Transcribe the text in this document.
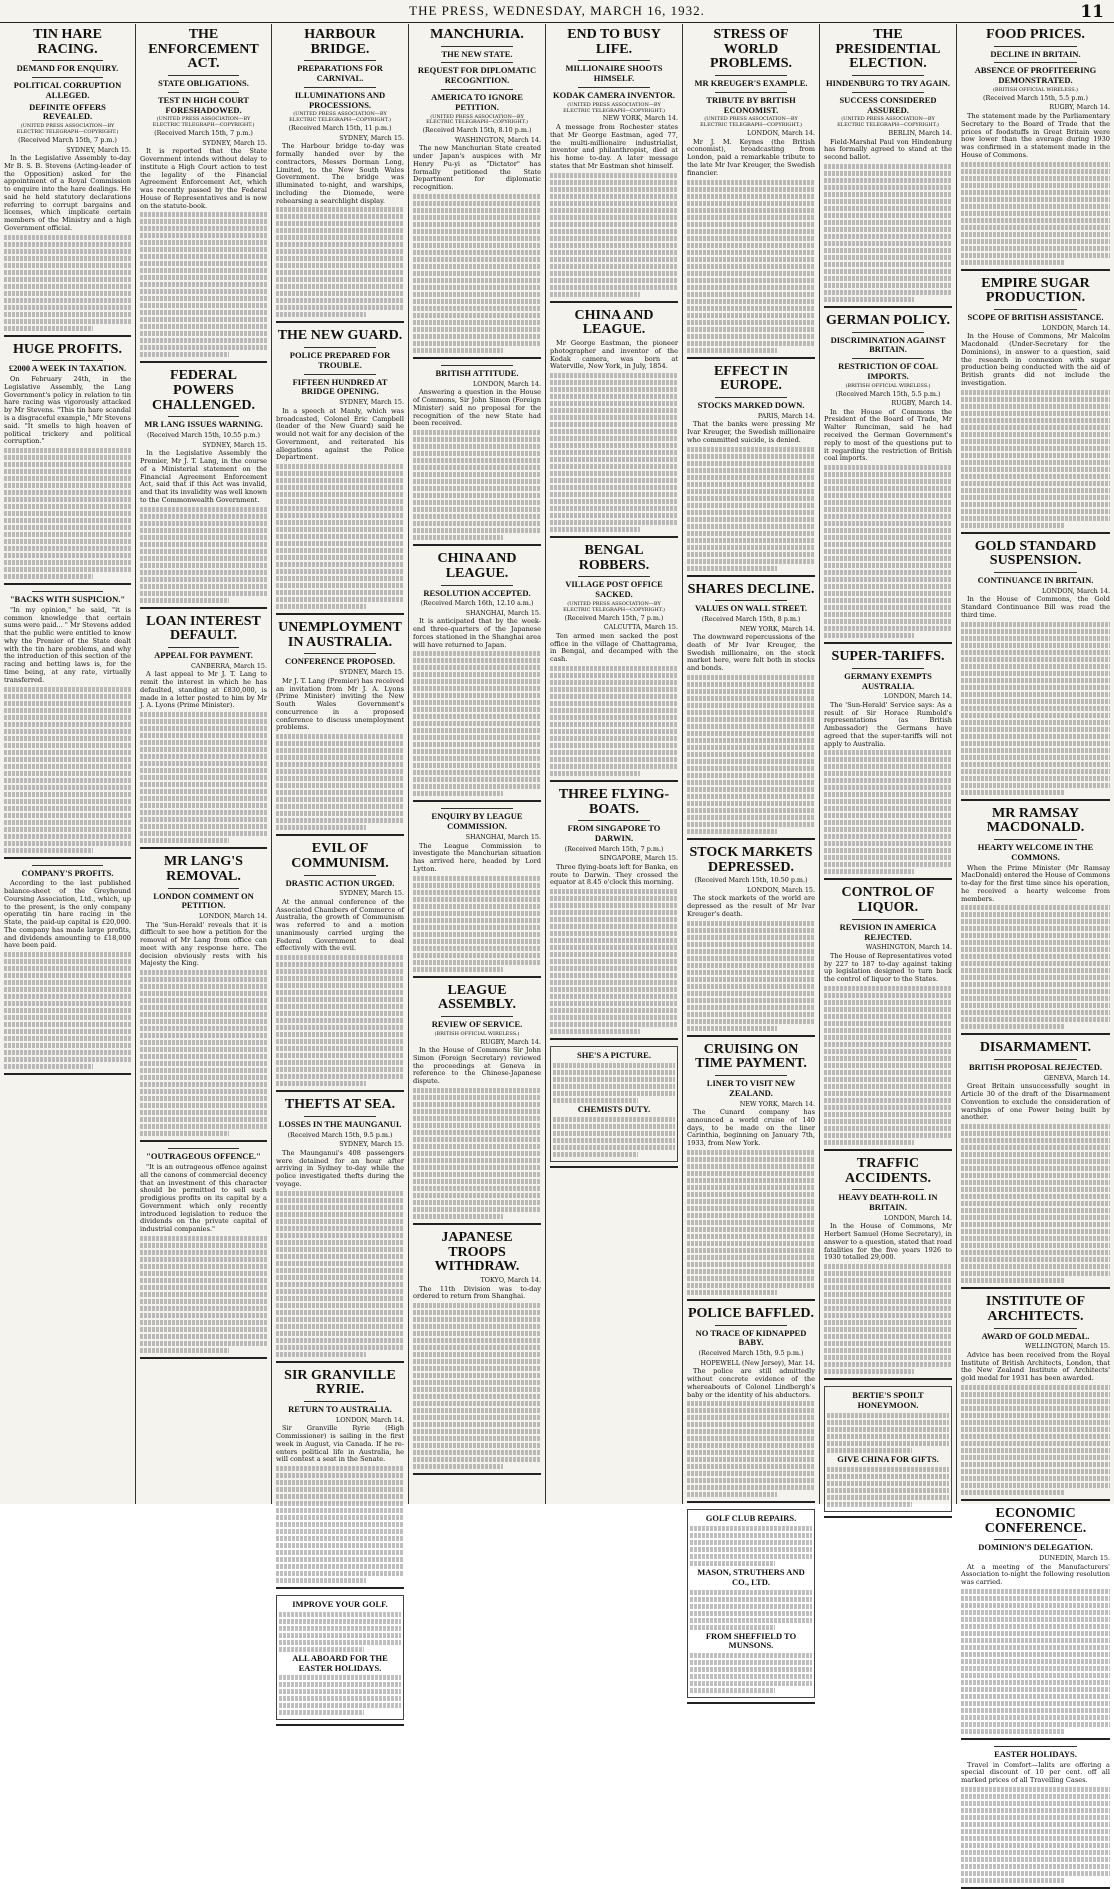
THE PRESS, WEDNESDAY, MARCH 16, 1932.	11
TIN HARE RACING.
DEMAND FOR ENQUIRY.
POLITICAL CORRUPTION ALLEGED.
DEFINITE OFFERS REVEALED.
(UNITED PRESS ASSOCIATION—BY ELECTRIC TELEGRAPH—COPYRIGHT.)
(Received March 15th, 7 p.m.)
SYDNEY, March 15.

In the Legislative Assembly to-day Mr B. S. B. Stevens (Acting-leader of the Opposition) asked for the appointment of a Royal Commission to enquire into the hare dealings. He said he held statutory declarations referring to corrupt bargains and licenses, which implicate certain members of the Ministry and a high Government official.

HUGE PROFITS.
£2000 A WEEK IN TAXATION.

On February 24th, in the Legislative Assembly, the Lang Government's policy in relation to tin hare racing was vigorously attacked by Mr Stevens. "This tin hare scandal is a disgraceful example," Mr Stevens said. "It smells to high heaven of political trickery and political corruption."

"BACKS WITH SUSPICION."

"In my opinion," he said, "it is common knowledge that certain sums were paid... " Mr Stevens added that the public were entitled to know why the Premier of the State dealt with the tin hare problems, and why the introduction of this section of the racing and betting laws is, for the time being, at any rate, virtually transferred.

COMPANY'S PROFITS.

According to the last published balance-sheet of the Greyhound Coursing Association, Ltd., which, up to the present, is the only company operating tin hare racing in the State, the paid-up capital is £20,000. The company has made large profits, and dividends amounting to £18,000 have been paid.

THE ENFORCEMENT ACT.
STATE OBLIGATIONS.
TEST IN HIGH COURT FORESHADOWED.
(UNITED PRESS ASSOCIATION—BY ELECTRIC TELEGRAPH—COPYRIGHT.)
(Received March 15th, 7 p.m.)
SYDNEY, March 15.

It is reported that the State Government intends without delay to institute a High Court action to test the legality of the Financial Agreement Enforcement Act, which was recently passed by the Federal House of Representatives and is now on the statute-book.

FEDERAL POWERS CHALLENGED.
MR LANG ISSUES WARNING.
(Received March 15th, 10.55 p.m.)
SYDNEY, March 15.

In the Legislative Assembly the Premier, Mr J. T. Lang, in the course of a Ministerial statement on the Financial Agreement Enforcement Act, said that if this Act was invalid, and that its invalidity was well known to the Commonwealth Government.

LOAN INTEREST DEFAULT.
APPEAL FOR PAYMENT.
CANBERRA, March 15.

A last appeal to Mr J. T. Lang to remit the interest in which he has defaulted, standing at £830,000, is made in a letter posted to him by Mr J. A. Lyons (Prime Minister).

MR LANG'S REMOVAL.
LONDON COMMENT ON PETITION.
LONDON, March 14.

The 'Sun-Herald' reveals that it is difficult to see how a petition for the removal of Mr Lang from office can meet with any response here. The decision obviously rests with his Majesty the King.

"OUTRAGEOUS OFFENCE."

"It is an outrageous offence against all the canons of commercial decency that an investment of this character should be permitted to sell such prodigious profits on its capital by a Government which only recently introduced legislation to reduce the dividends on the private capital of industrial companies."

HARBOUR BRIDGE.
PREPARATIONS FOR CARNIVAL.
ILLUMINATIONS AND PROCESSIONS.
(UNITED PRESS ASSOCIATION—BY ELECTRIC TELEGRAPH—COPYRIGHT.)
(Received March 15th, 11 p.m.)
SYDNEY, March 15.

The Harbour bridge to-day was formally handed over by the contractors, Messrs Dorman Long, Limited, to the New South Wales Government. The bridge was illuminated to-night, and warships, including the Diomede, were rehearsing a searchlight display.

THE NEW GUARD.
POLICE PREPARED FOR TROUBLE.
FIFTEEN HUNDRED AT BRIDGE OPENING.
SYDNEY, March 15.

In a speech at Manly, which was broadcasted, Colonel Eric Campbell (leader of the New Guard) said he would not wait for any decision of the Government, and reiterated his allegations against the Police Department.

UNEMPLOYMENT IN AUSTRALIA.
CONFERENCE PROPOSED.
SYDNEY, March 15.

Mr J. T. Lang (Premier) has received an invitation from Mr J. A. Lyons (Prime Minister) inviting the New South Wales Government's concurrence in a proposed conference to discuss unemployment problems.

EVIL OF COMMUNISM.
DRASTIC ACTION URGED.
SYDNEY, March 15.

At the annual conference of the Associated Chambers of Commerce of Australia, the growth of Communism was referred to and a motion unanimously carried urging the Federal Government to deal effectively with the evil.

THEFTS AT SEA.
LOSSES IN THE MAUNGANUI.
(Received March 15th, 9.5 p.m.)
SYDNEY, March 15.

The Maunganui's 408 passengers were detained for an hour after arriving in Sydney to-day while the police investigated thefts during the voyage.

SIR GRANVILLE RYRIE.
RETURN TO AUSTRALIA.
LONDON, March 14.

Sir Granville Ryrie (High Commissioner) is sailing in the first week in August, via Canada. If he re-enters political life in Australia, he will contest a seat in the Senate.

IMPROVE YOUR GOLF.
ALL ABOARD FOR THE EASTER HOLIDAYS.
MANCHURIA.
THE NEW STATE.
REQUEST FOR DIPLOMATIC RECOGNITION.
AMERICA TO IGNORE PETITION.
(UNITED PRESS ASSOCIATION—BY ELECTRIC TELEGRAPH—COPYRIGHT.)
(Received March 15th, 8.10 p.m.)
WASHINGTON, March 14.

The new Manchurian State created under Japan's auspices with Mr Henry Pu-yi as "Dictator" has formally petitioned the State Department for diplomatic recognition.

BRITISH ATTITUDE.
LONDON, March 14.

Answering a question in the House of Commons, Sir John Simon (Foreign Minister) said no proposal for the recognition of the new State had been received.

CHINA AND LEAGUE.
RESOLUTION ACCEPTED.
(Received March 16th, 12.10 a.m.)
SHANGHAI, March 15.

It is anticipated that by the week-end three-quarters of the Japanese forces stationed in the Shanghai area will have returned to Japan.

ENQUIRY BY LEAGUE COMMISSION.
SHANGHAI, March 15.

The League Commission to investigate the Manchurian situation has arrived here, headed by Lord Lytton.

LEAGUE ASSEMBLY.
REVIEW OF SERVICE.
(BRITISH OFFICIAL WIRELESS.)
RUGBY, March 14.

In the House of Commons Sir John Simon (Foreign Secretary) reviewed the proceedings at Geneva in reference to the Chinese-Japanese dispute.

JAPANESE TROOPS WITHDRAW.
TOKYO, March 14.

The 11th Division was to-day ordered to return from Shanghai.

END TO BUSY LIFE.
MILLIONAIRE SHOOTS HIMSELF.
KODAK CAMERA INVENTOR.
(UNITED PRESS ASSOCIATION—BY ELECTRIC TELEGRAPH—COPYRIGHT.)
NEW YORK, March 14.

A message from Rochester states that Mr George Eastman, aged 77, the multi-millionaire industrialist, inventor and philanthropist, died at his home to-day. A later message states that Mr Eastman shot himself.

CHINA AND LEAGUE.

Mr George Eastman, the pioneer photographer and inventor of the Kodak camera, was born at Waterville, New York, in July, 1854.

BENGAL ROBBERS.
VILLAGE POST OFFICE SACKED.
(UNITED PRESS ASSOCIATION—BY ELECTRIC TELEGRAPH—COPYRIGHT.)
(Received March 15th, 7 p.m.)
CALCUTTA, March 15.

Ten armed men sacked the post office in the village of Chattagrama, in Bengal, and decamped with the cash.

THREE FLYING-BOATS.
FROM SINGAPORE TO DARWIN.
(Received March 15th, 7 p.m.)
SINGAPORE, March 15.

Three flying-boats left for Banka, en route to Darwin. They crossed the equator at 8.45 o'clock this morning.

SHE'S A PICTURE.
CHEMISTS DUTY.
STRESS OF WORLD PROBLEMS.
MR KREUGER'S EXAMPLE.
TRIBUTE BY BRITISH ECONOMIST.
(UNITED PRESS ASSOCIATION—BY ELECTRIC TELEGRAPH—COPYRIGHT.)
LONDON, March 14.

Mr J. M. Keynes (the British economist), broadcasting from London, paid a remarkable tribute to the late Mr Ivar Kreuger, the Swedish financier.

EFFECT IN EUROPE.
STOCKS MARKED DOWN.
PARIS, March 14.

That the banks were pressing Mr Ivar Kreuger, the Swedish millionaire who committed suicide, is denied.

SHARES DECLINE.
VALUES ON WALL STREET.
(Received March 15th, 8 p.m.)
NEW YORK, March 14.

The downward repercussions of the death of Mr Ivar Kreuger, the Swedish millionaire, on the stock market here, were felt both in stocks and bonds.

STOCK MARKETS DEPRESSED.
(Received March 15th, 10.50 p.m.)
LONDON, March 15.

The stock markets of the world are depressed as the result of Mr Ivar Kreuger's death.

CRUISING ON TIME PAYMENT.
LINER TO VISIT NEW ZEALAND.
NEW YORK, March 14.

The Cunard company has announced a world cruise of 140 days, to be made on the liner Carinthia, beginning on January 7th, 1933, from New York.

POLICE BAFFLED.
NO TRACE OF KIDNAPPED BABY.
(Received March 15th, 9.5 p.m.)
HOPEWELL (New Jersey), Mar. 14.

The police are still admittedly without concrete evidence of the whereabouts of Colonel Lindbergh's baby or the identity of his abductors.

GOLF CLUB REPAIRS.
MASON, STRUTHERS AND CO., LTD.
FROM SHEFFIELD TO MUNSONS.
THE PRESIDENTIAL ELECTION.
HINDENBURG TO TRY AGAIN.
SUCCESS CONSIDERED ASSURED.
(UNITED PRESS ASSOCIATION—BY ELECTRIC TELEGRAPH—COPYRIGHT.)
BERLIN, March 14.

Field-Marshal Paul von Hindenburg has formally agreed to stand at the second ballot.

GERMAN POLICY.
DISCRIMINATION AGAINST BRITAIN.
RESTRICTION OF COAL IMPORTS.
(BRITISH OFFICIAL WIRELESS.)
(Received March 15th, 5.5 p.m.)
RUGBY, March 14.

In the House of Commons the President of the Board of Trade, Mr Walter Runciman, said he had received the German Government's reply to most of the questions put to it regarding the restriction of British coal imports.

SUPER-TARIFFS.
GERMANY EXEMPTS AUSTRALIA.
LONDON, March 14.

The 'Sun-Herald' Service says: As a result of Sir Horace Rumbold's representations (as British Ambassador) the Germans have agreed that the super-tariffs will not apply to Australia.

CONTROL OF LIQUOR.
REVISION IN AMERICA REJECTED.
WASHINGTON, March 14.

The House of Representatives voted by 227 to 187 to-day against taking up legislation designed to turn back the control of liquor to the States.

TRAFFIC ACCIDENTS.
HEAVY DEATH-ROLL IN BRITAIN.
LONDON, March 14.

In the House of Commons, Mr Herbert Samuel (Home Secretary), in answer to a question, stated that road fatalities for the five years 1926 to 1930 totalled 29,000.

BERTIE'S SPOILT HONEYMOON.
GIVE CHINA FOR GIFTS.
FOOD PRICES.
DECLINE IN BRITAIN.
ABSENCE OF PROFITEERING DEMONSTRATED.
(BRITISH OFFICIAL WIRELESS.)
(Received March 15th, 5.5 p.m.)
RUGBY, March 14.

The statement made by the Parliamentary Secretary to the Board of Trade that the prices of foodstuffs in Great Britain were now lower than the average during 1930 was confirmed in a statement made in the House of Commons.

EMPIRE SUGAR PRODUCTION.
SCOPE OF BRITISH ASSISTANCE.
LONDON, March 14.

In the House of Commons, Mr Malcolm Macdonald (Under-Secretary for the Dominions), in answer to a question, said the research in connexion with sugar production being conducted with the aid of British grants did not include the investigation.

GOLD STANDARD SUSPENSION.
CONTINUANCE IN BRITAIN.
LONDON, March 14.

In the House of Commons, the Gold Standard Continuance Bill was read the third time.

MR RAMSAY MACDONALD.
HEARTY WELCOME IN THE COMMONS.

When the Prime Minister (Mr Ramsay MacDonald) entered the House of Commons to-day for the first time since his operation, he received a hearty welcome from members.

DISARMAMENT.
BRITISH PROPOSAL REJECTED.
GENEVA, March 14.

Great Britain unsuccessfully sought in Article 30 of the draft of the Disarmament Convention to exclude the consideration of warships of one Power being built by another.

INSTITUTE OF ARCHITECTS.
AWARD OF GOLD MEDAL.
WELLINGTON, March 15.

Advice has been received from the Royal Institute of British Architects, London, that the New Zealand Institute of Architects' gold medal for 1931 has been awarded.

ECONOMIC CONFERENCE.
DOMINION'S DELEGATION.
DUNEDIN, March 15.

At a meeting of the Manufacturers' Association to-night the following resolution was carried.

EASTER HOLIDAYS.

Travel in Comfort—Ialits are offering a special discount of 10 per cent. off all marked prices of all Travelling Cases.
